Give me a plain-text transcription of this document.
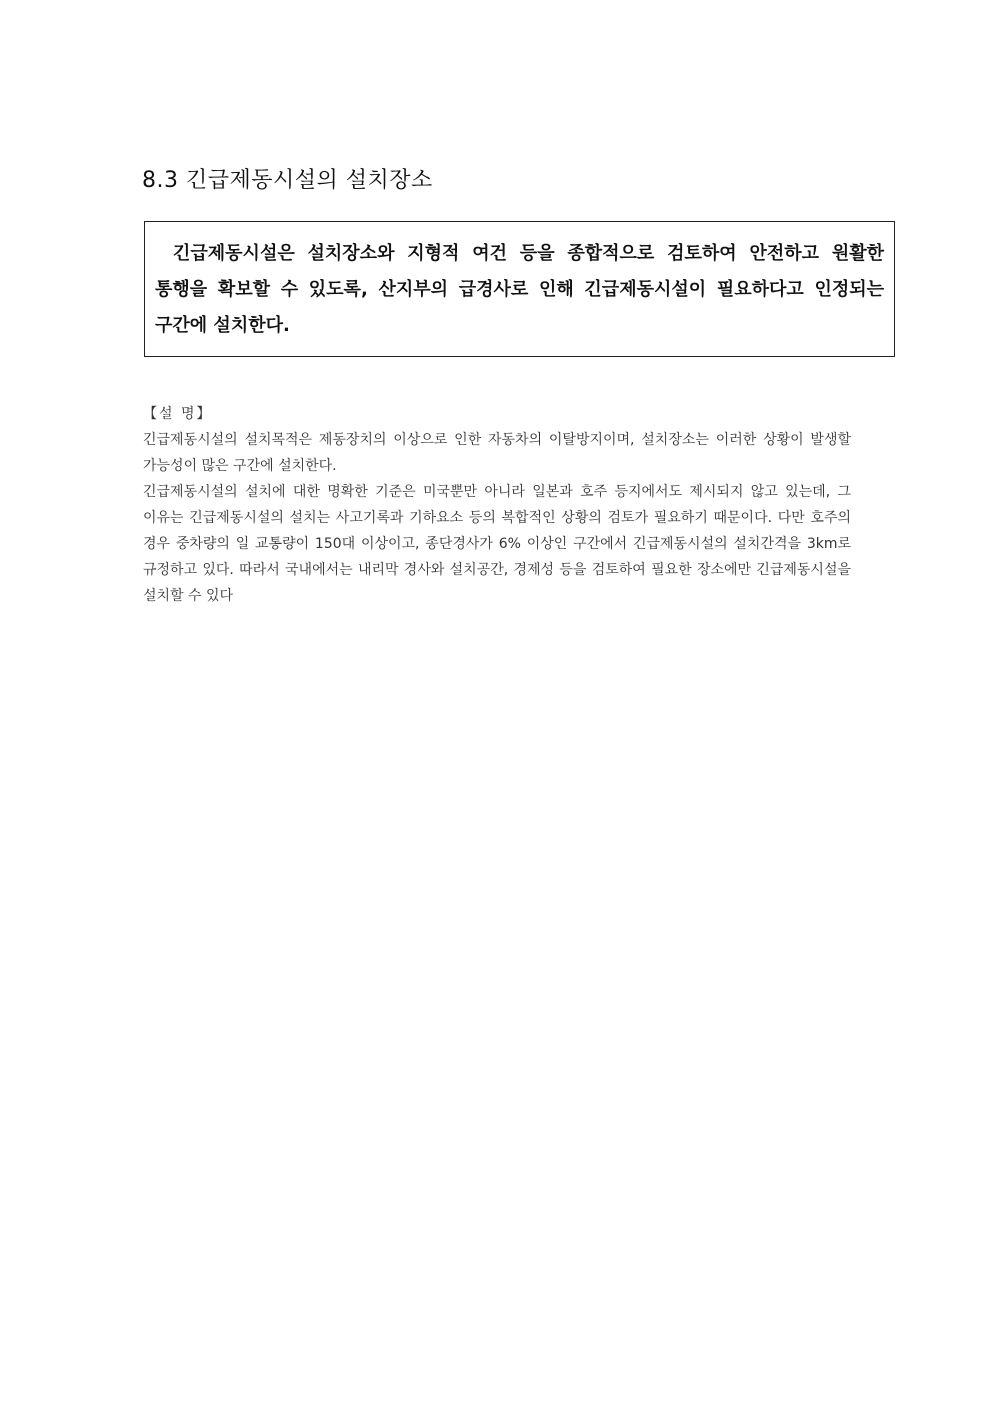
8.3 긴급제동시설의 설치장소

긴급제동시설은 설치장소와 지형적 여건 등을 종합적으로 검토하여 안전하고 원활한 통행을 확보할 수 있도록, 산지부의 급경사로 인해 긴급제동시설이 필요하다고 인정되는 구간에 설치한다.

【설 명】

긴급제동시설의 설치목적은 제동장치의 이상으로 인한 자동차의 이탈방지이며, 설치장소는 이러한 상황이 발생할 가능성이 많은 구간에 설치한다.

긴급제동시설의 설치에 대한 명확한 기준은 미국뿐만 아니라 일본과 호주 등지에서도 제시되지 않고 있는데, 그 이유는 긴급제동시설의 설치는 사고기록과 기하요소 등의 복합적인 상황의 검토가 필요하기 때문이다. 다만 호주의 경우 중차량의 일 교통량이 150대 이상이고, 종단경사가 6% 이상인 구간에서 긴급제동시설의 설치간격을 3km로 규정하고 있다. 따라서 국내에서는 내리막 경사와 설치공간, 경제성 등을 검토하여 필요한 장소에만 긴급제동시설을 설치할 수 있다
